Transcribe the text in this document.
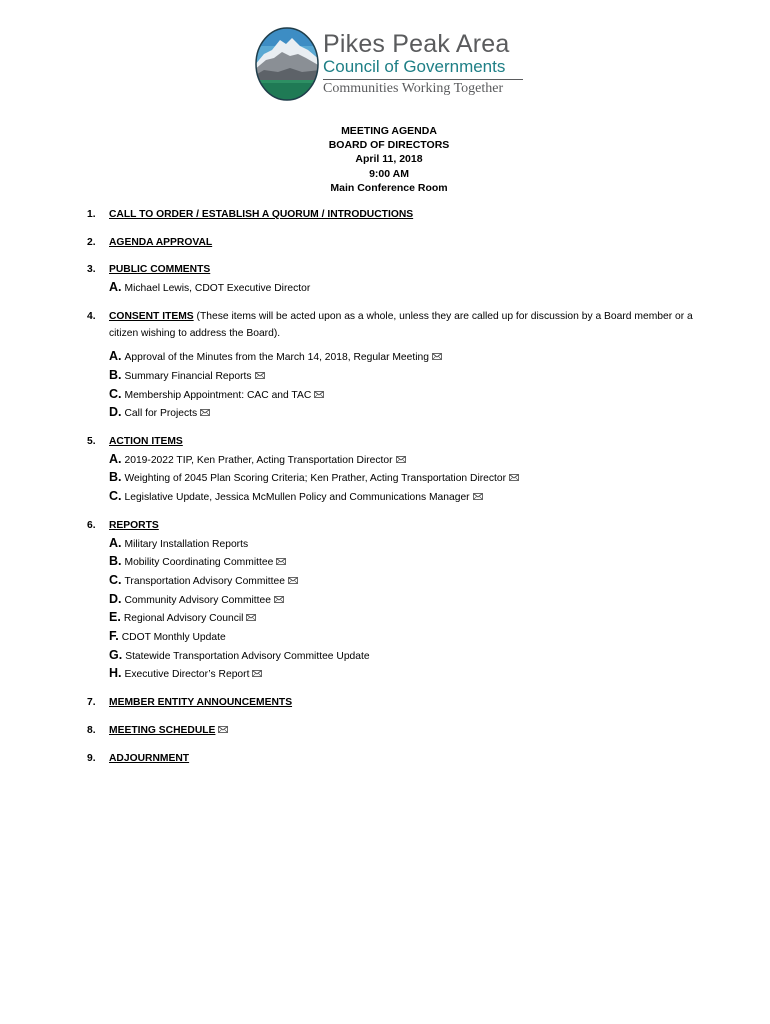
Pikes Peak Area
Council of Governments
Communities Working Together
MEETING AGENDA
BOARD OF DIRECTORS
April 11, 2018
9:00 AM
Main Conference Room
1. CALL TO ORDER / ESTABLISH A QUORUM / INTRODUCTIONS
2. AGENDA APPROVAL
3. PUBLIC COMMENTS
A. Michael Lewis, CDOT Executive Director
4. CONSENT ITEMS (These items will be acted upon as a whole, unless they are called up for discussion by a Board member or a citizen wishing to address the Board).
A. Approval of the Minutes from the March 14, 2018, Regular Meeting
B. Summary Financial Reports
C. Membership Appointment: CAC and TAC
D. Call for Projects
5. ACTION ITEMS
A. 2019-2022 TIP, Ken Prather, Acting Transportation Director
B. Weighting of 2045 Plan Scoring Criteria; Ken Prather, Acting Transportation Director
C. Legislative Update, Jessica McMullen Policy and Communications Manager
6. REPORTS
A. Military Installation Reports
B. Mobility Coordinating Committee
C. Transportation Advisory Committee
D. Community Advisory Committee
E. Regional Advisory Council
F. CDOT Monthly Update
G. Statewide Transportation Advisory Committee Update
H. Executive Director’s Report
7. MEMBER ENTITY ANNOUNCEMENTS
8. MEETING SCHEDULE
9. ADJOURNMENT
